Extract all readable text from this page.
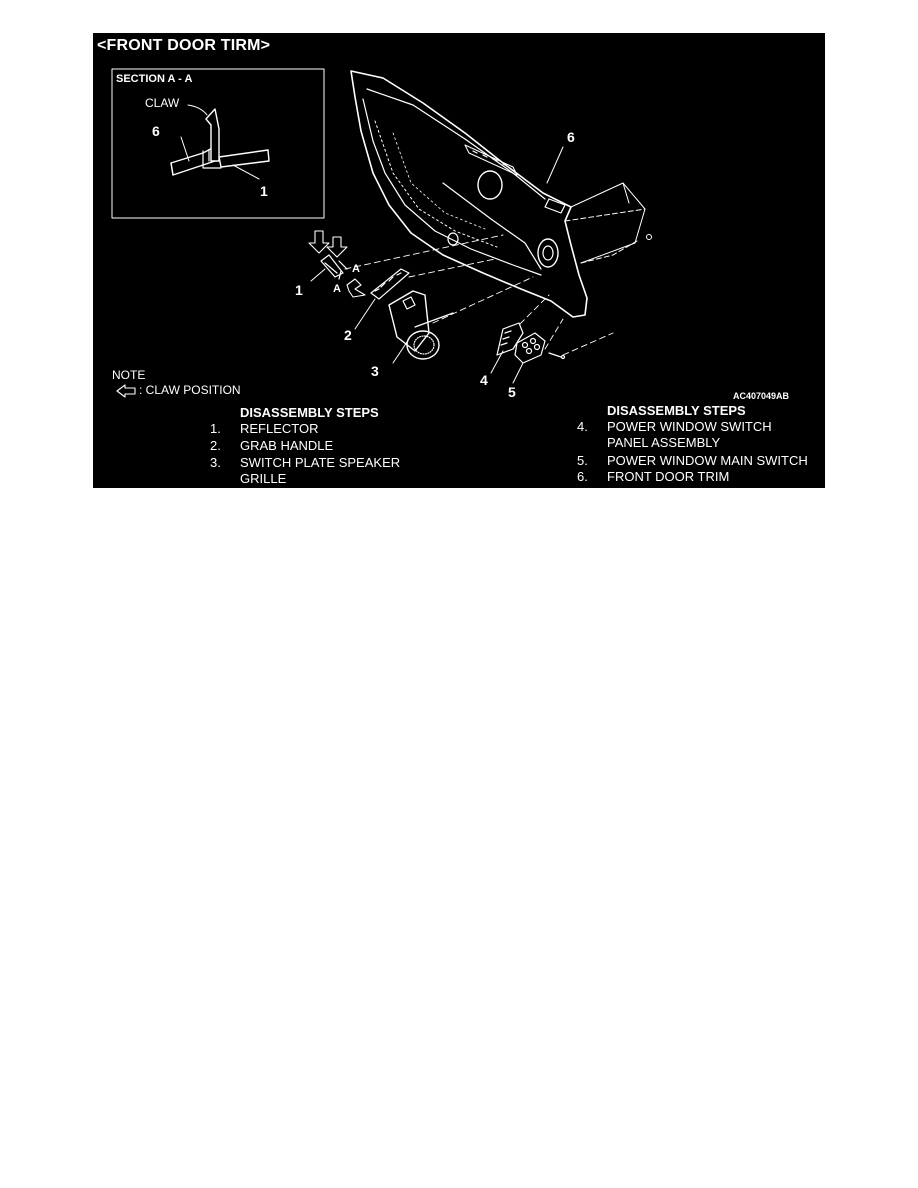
<FRONT DOOR TIRM>
SECTION A - A
CLAW
6
1
1
2
3
4
5
6
A
A
NOTE
: CLAW POSITION	AC407049AB
DISASSEMBLY STEPS
1. REFLECTOR
2. GRAB HANDLE
3. SWITCH PLATE SPEAKER
GRILLE
DISASSEMBLY STEPS
4. POWER WINDOW SWITCH
PANEL ASSEMBLY
5. POWER WINDOW MAIN SWITCH
6. FRONT DOOR TRIM
